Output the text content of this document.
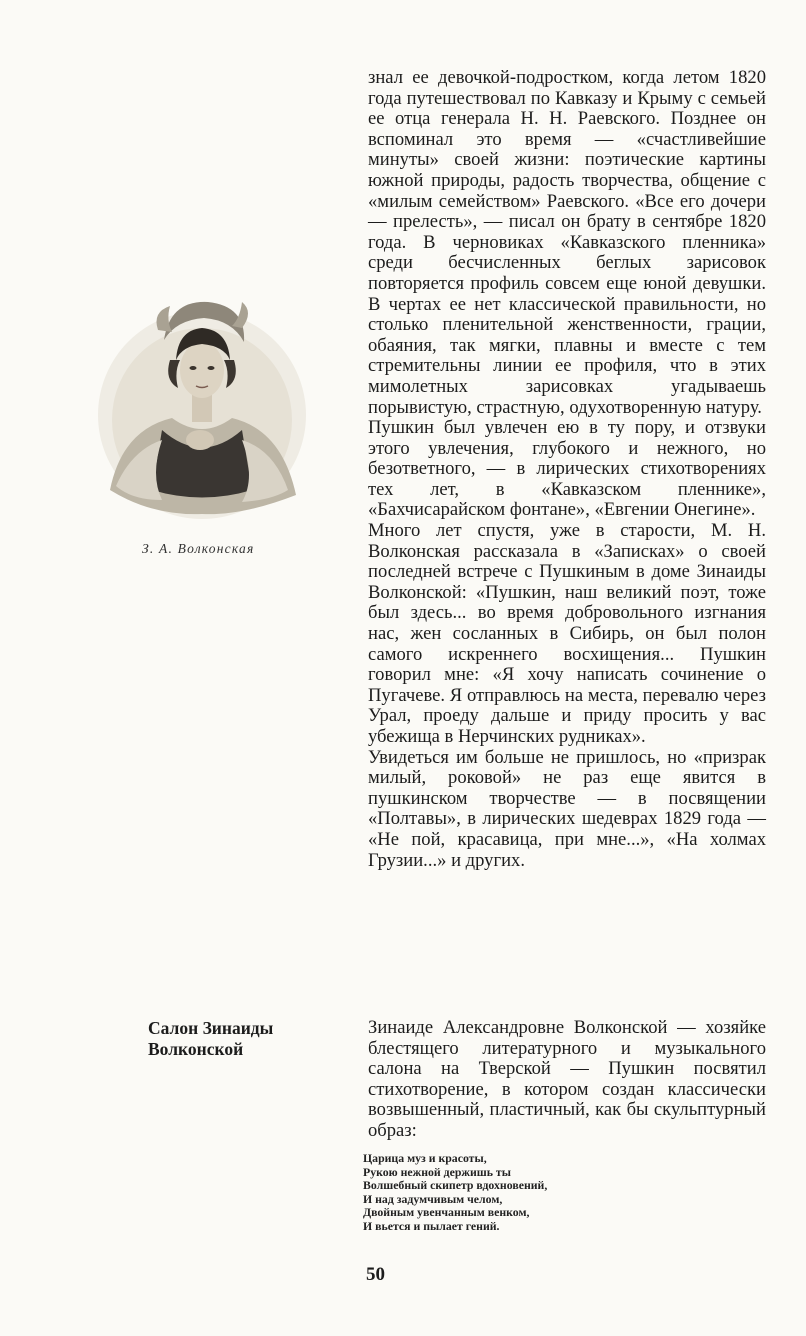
знал ее девочкой-подростком, когда летом 1820 года путешествовал по Кавказу и Крыму с семьей ее отца генерала Н. Н. Раевского. Позднее он вспоминал это время — «счастливейшие минуты» своей жизни: поэтические картины южной природы, радость творчества, общение с «милым семейством» Раевского. «Все его дочери — прелесть», — писал он брату в сентябре 1820 года. В черновиках «Кавказского пленника» среди бесчисленных беглых зарисовок повторяется профиль совсем еще юной девушки. В чертах ее нет классической правильности, но столько пленительной женственности, грации, обаяния, так мягки, плавны и вместе с тем стремительны линии ее профиля, что в этих мимолетных зарисовках угадываешь порывистую, страстную, одухотворенную натуру.

Пушкин был увлечен ею в ту пору, и отзвуки этого увлечения, глубокого и нежного, но безответного, — в лирических стихотворениях тех лет, в «Кавказском пленнике», «Бахчисарайском фонтане», «Евгении Онегине».

Много лет спустя, уже в старости, М. Н. Волконская рассказала в «Записках» о своей последней встрече с Пушкиным в доме Зинаиды Волконской: «Пушкин, наш великий поэт, тоже был здесь... во время добровольного изгнания нас, жен сосланных в Сибирь, он был полон самого искреннего восхищения... Пушкин говорил мне: «Я хочу написать сочинение о Пугачеве. Я отправлюсь на места, перевалю через Урал, проеду дальше и приду просить у вас убежища в Нерчинских рудниках».

Увидеться им больше не пришлось, но «призрак милый, роковой» не раз еще явится в пушкинском творчестве — в посвящении «Полтавы», в лирических шедеврах 1829 года — «Не пой, красавица, при мне...», «На холмах Грузии...» и других.

З. А. Волконская
Салон Зинаиды
Волконской
Зинаиде Александровне Волконской — хозяйке блестящего литературного и музыкального салона на Тверской — Пушкин посвятил стихотворение, в котором создан классически возвышенный, пластичный, как бы скульптурный образ:
Царица муз и красоты,
Рукою нежной держишь ты
Волшебный скипетр вдохновений,
И над задумчивым челом,
Двойным увенчанным венком,
И вьется и пылает гений.
50
